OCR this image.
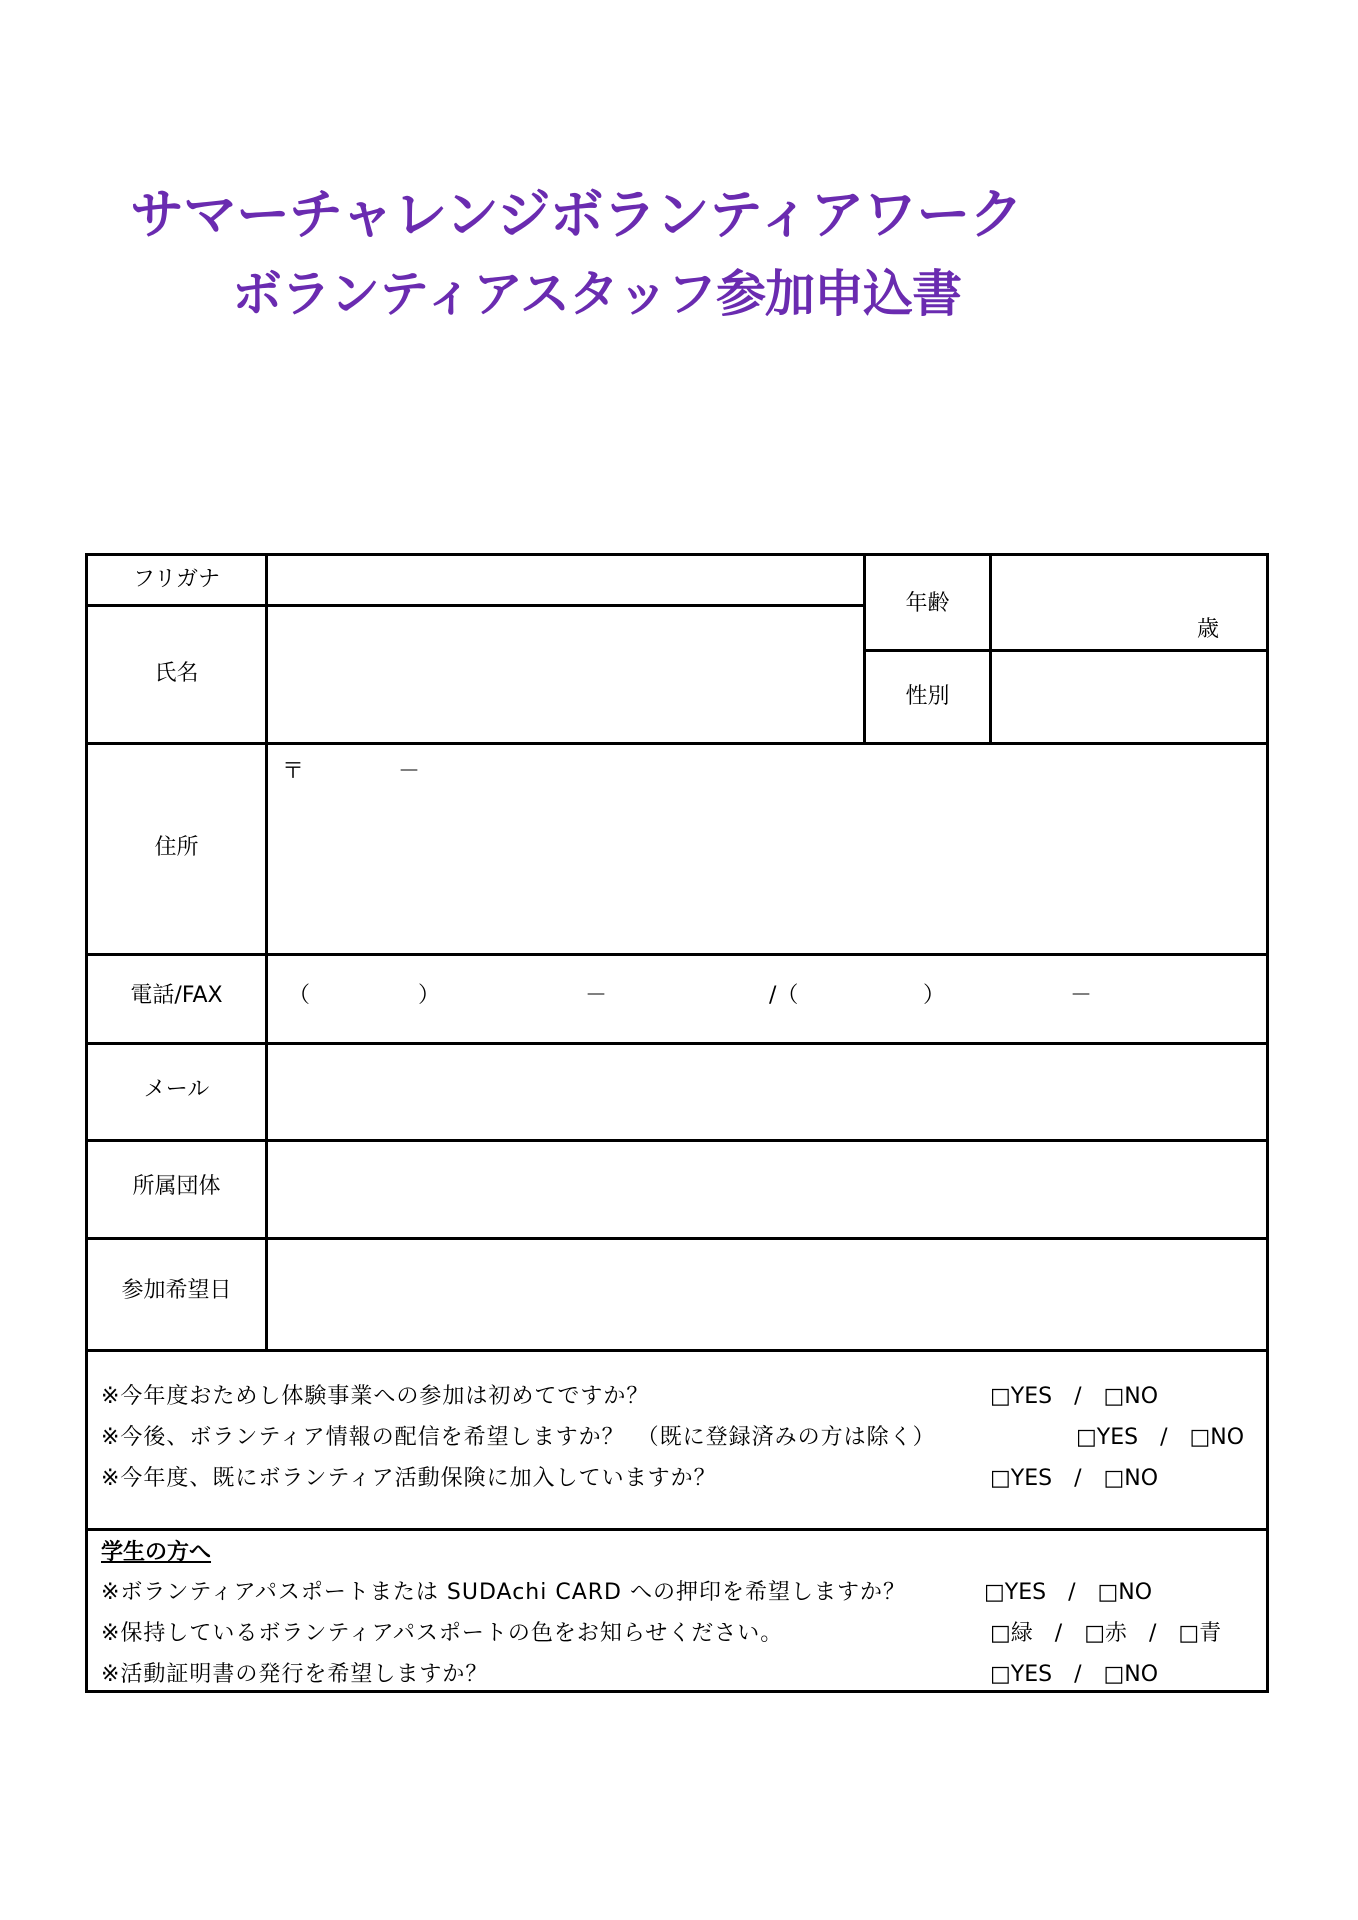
サマーチャレンジボランティアワーク
ボランティアスタッフ参加申込書
フリガナ
氏名
年齢
歳
性別
住所
〒	－
電話/FAX	（	）	－	/（	）	－
メール
所属団体
参加希望日
※今年度おためし体験事業への参加は初めてですか？	□YES　/　□NO
※今後、ボランティア情報の配信を希望しますか？　（既に登録済みの方は除く）	□YES　/　□NO
※今年度、既にボランティア活動保険に加入していますか？	□YES　/　□NO
学生の方へ
※ボランティアパスポートまたは SUDAchi CARD への押印を希望しますか？	□YES　/　□NO
※保持しているボランティアパスポートの色をお知らせください。	□緑　/　□赤　/　□青
※活動証明書の発行を希望しますか？	□YES　/　□NO
